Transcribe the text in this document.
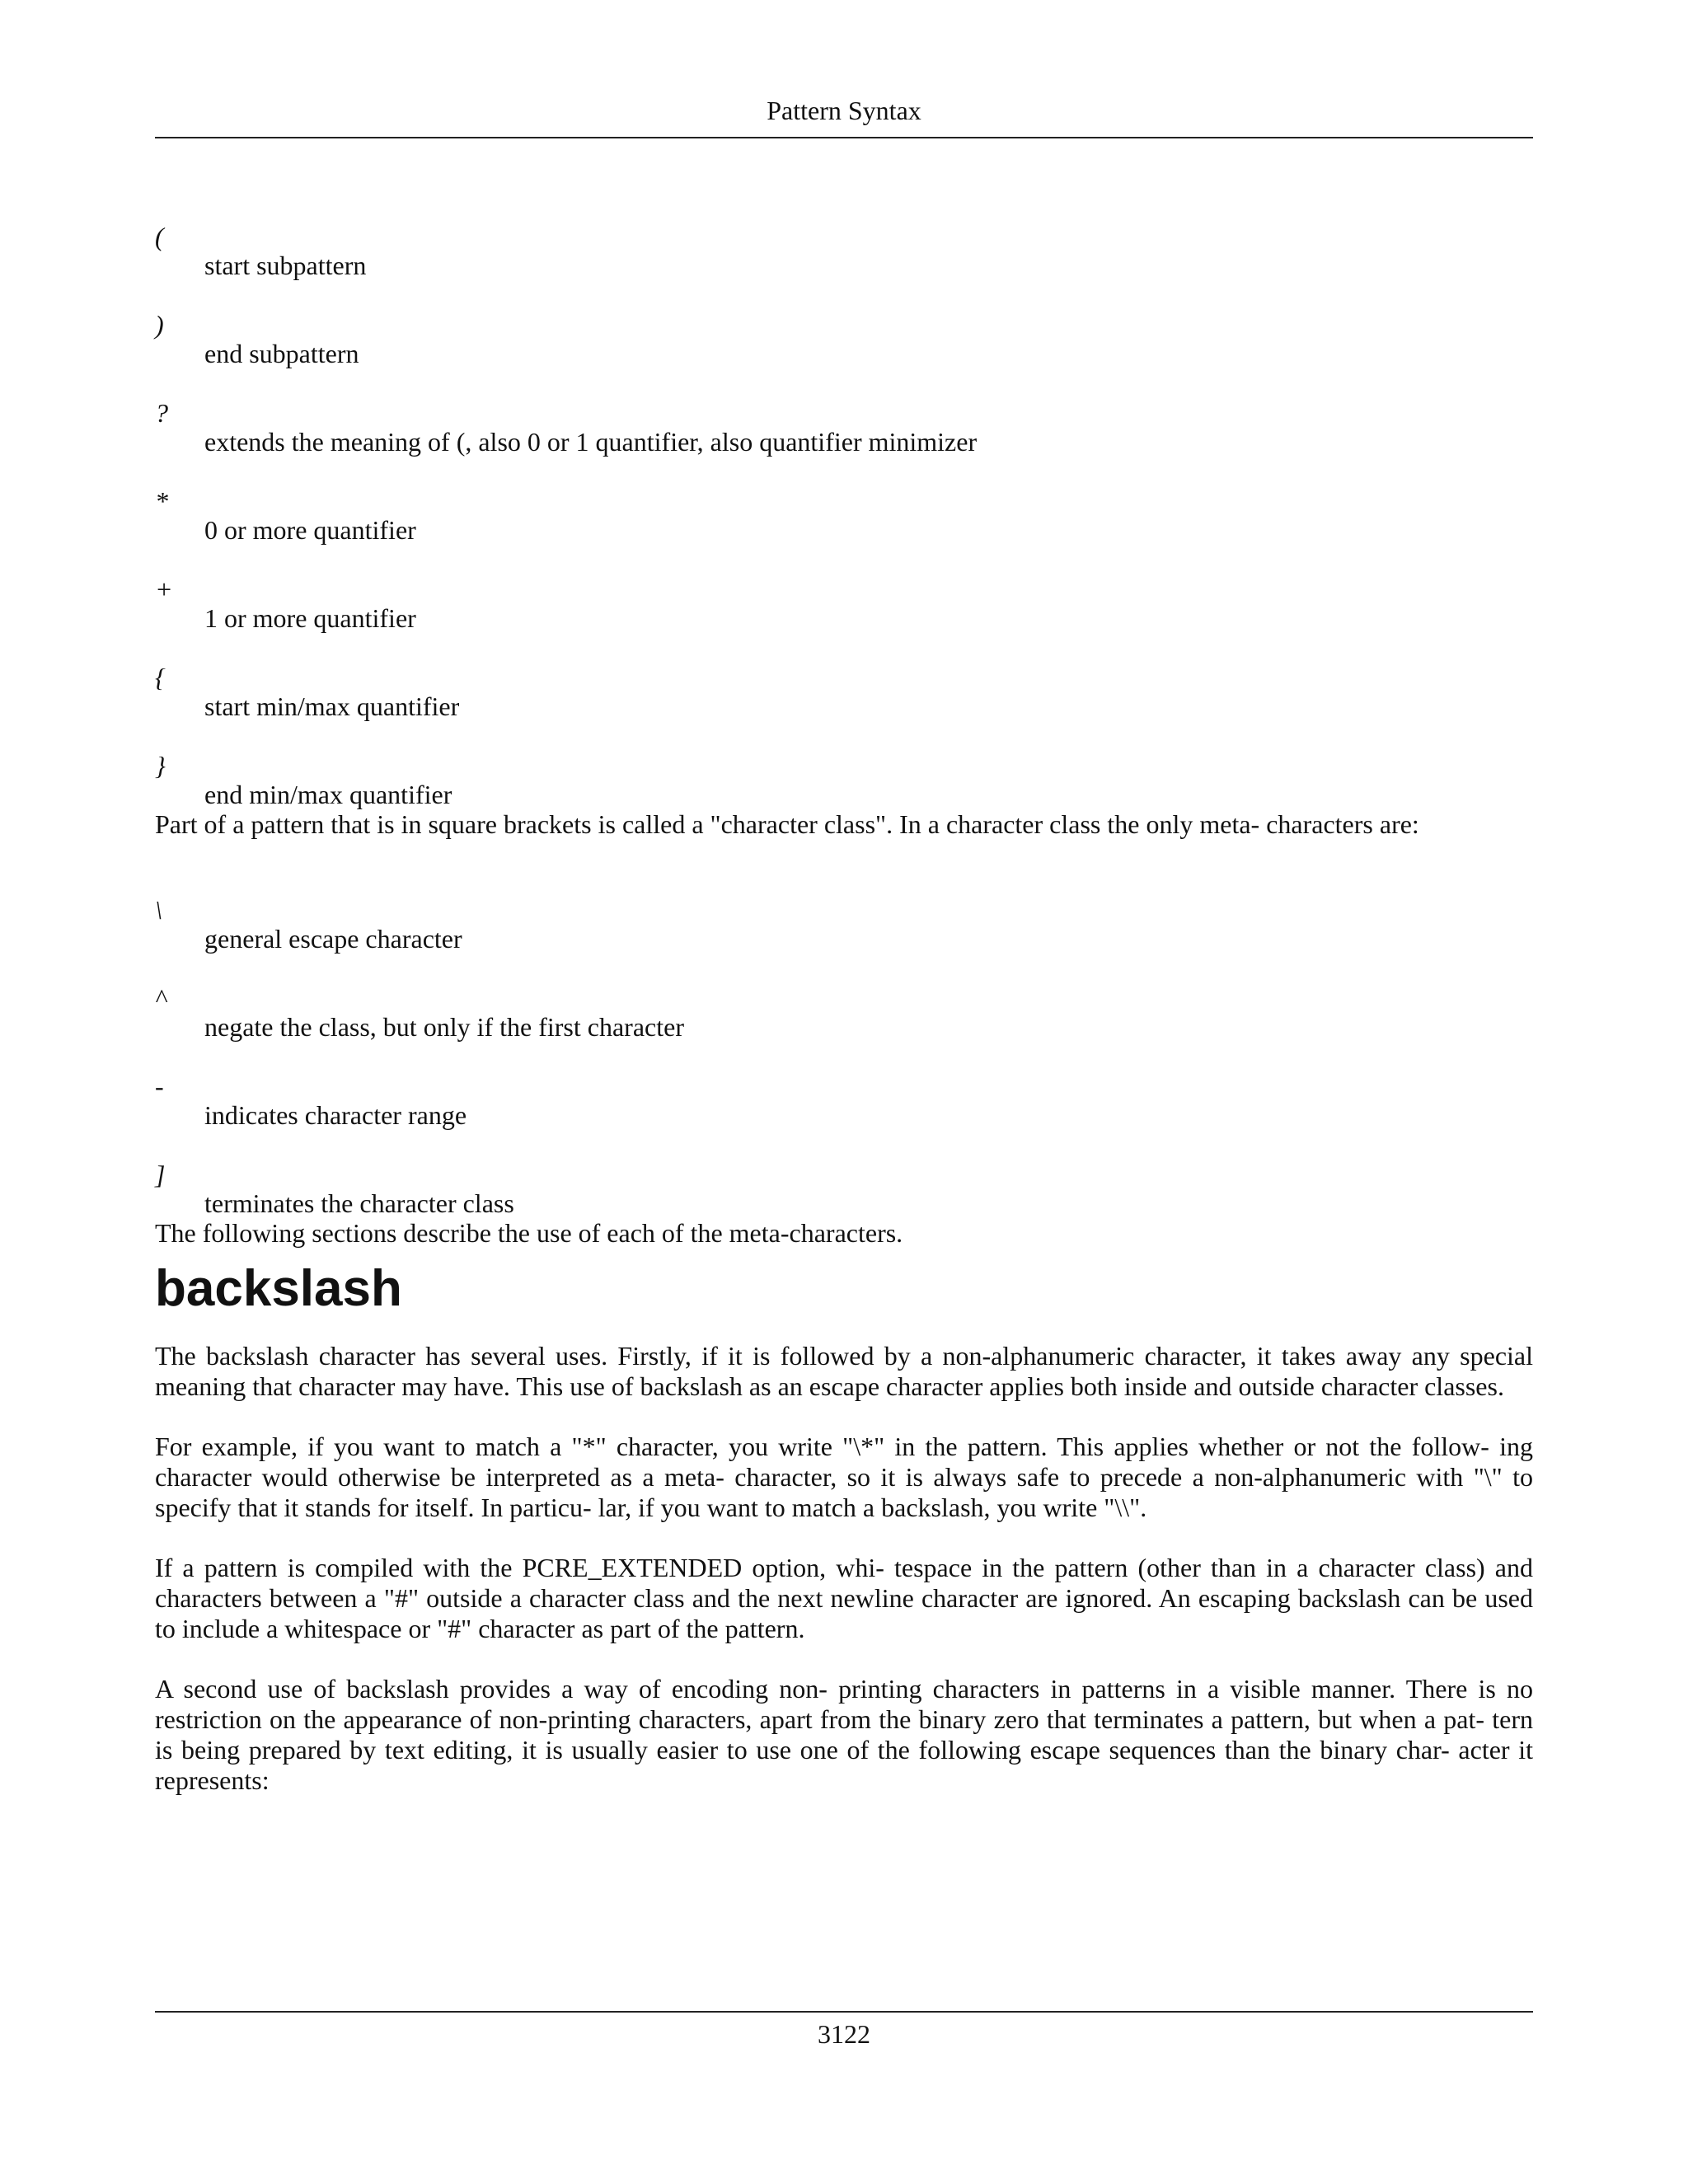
Pattern Syntax

(

start subpattern

)

end subpattern

?

extends the meaning of (, also 0 or 1 quantifier, also quantifier minimizer

*

0 or more quantifier

+

1 or more quantifier

{

start min/max quantifier

}

end min/max quantifier

Part of a pattern that is in square brackets is called a "character class". In a character class the only meta- characters are:

\

general escape character

^

negate the class, but only if the first character

-

indicates character range

]

terminates the character class

The following sections describe the use of each of the meta-characters.

backslash

The backslash character has several uses. Firstly, if it is followed by a non-alphanumeric character, it takes away any special meaning that character may have. This use of backslash as an escape character applies both inside and outside character classes.

For example, if you want to match a "*" character, you write "\*" in the pattern. This applies whether or not the follow- ing character would otherwise be interpreted as a meta- character, so it is always safe to precede a non-alphanumeric with "\" to specify that it stands for itself. In particu- lar, if you want to match a backslash, you write "\\".

If a pattern is compiled with the PCRE_EXTENDED option, whi- tespace in the pattern (other than in a character class) and characters between a "#" outside a character class and the next newline character are ignored. An escaping backslash can be used to include a whitespace or "#" character as part of the pattern.

A second use of backslash provides a way of encoding non- printing characters in patterns in a visible manner. There is no restriction on the appearance of non-printing characters, apart from the binary zero that terminates a pattern, but when a pat- tern is being prepared by text editing, it is usually easier to use one of the following escape sequences than the binary char- acter it represents:

3122
